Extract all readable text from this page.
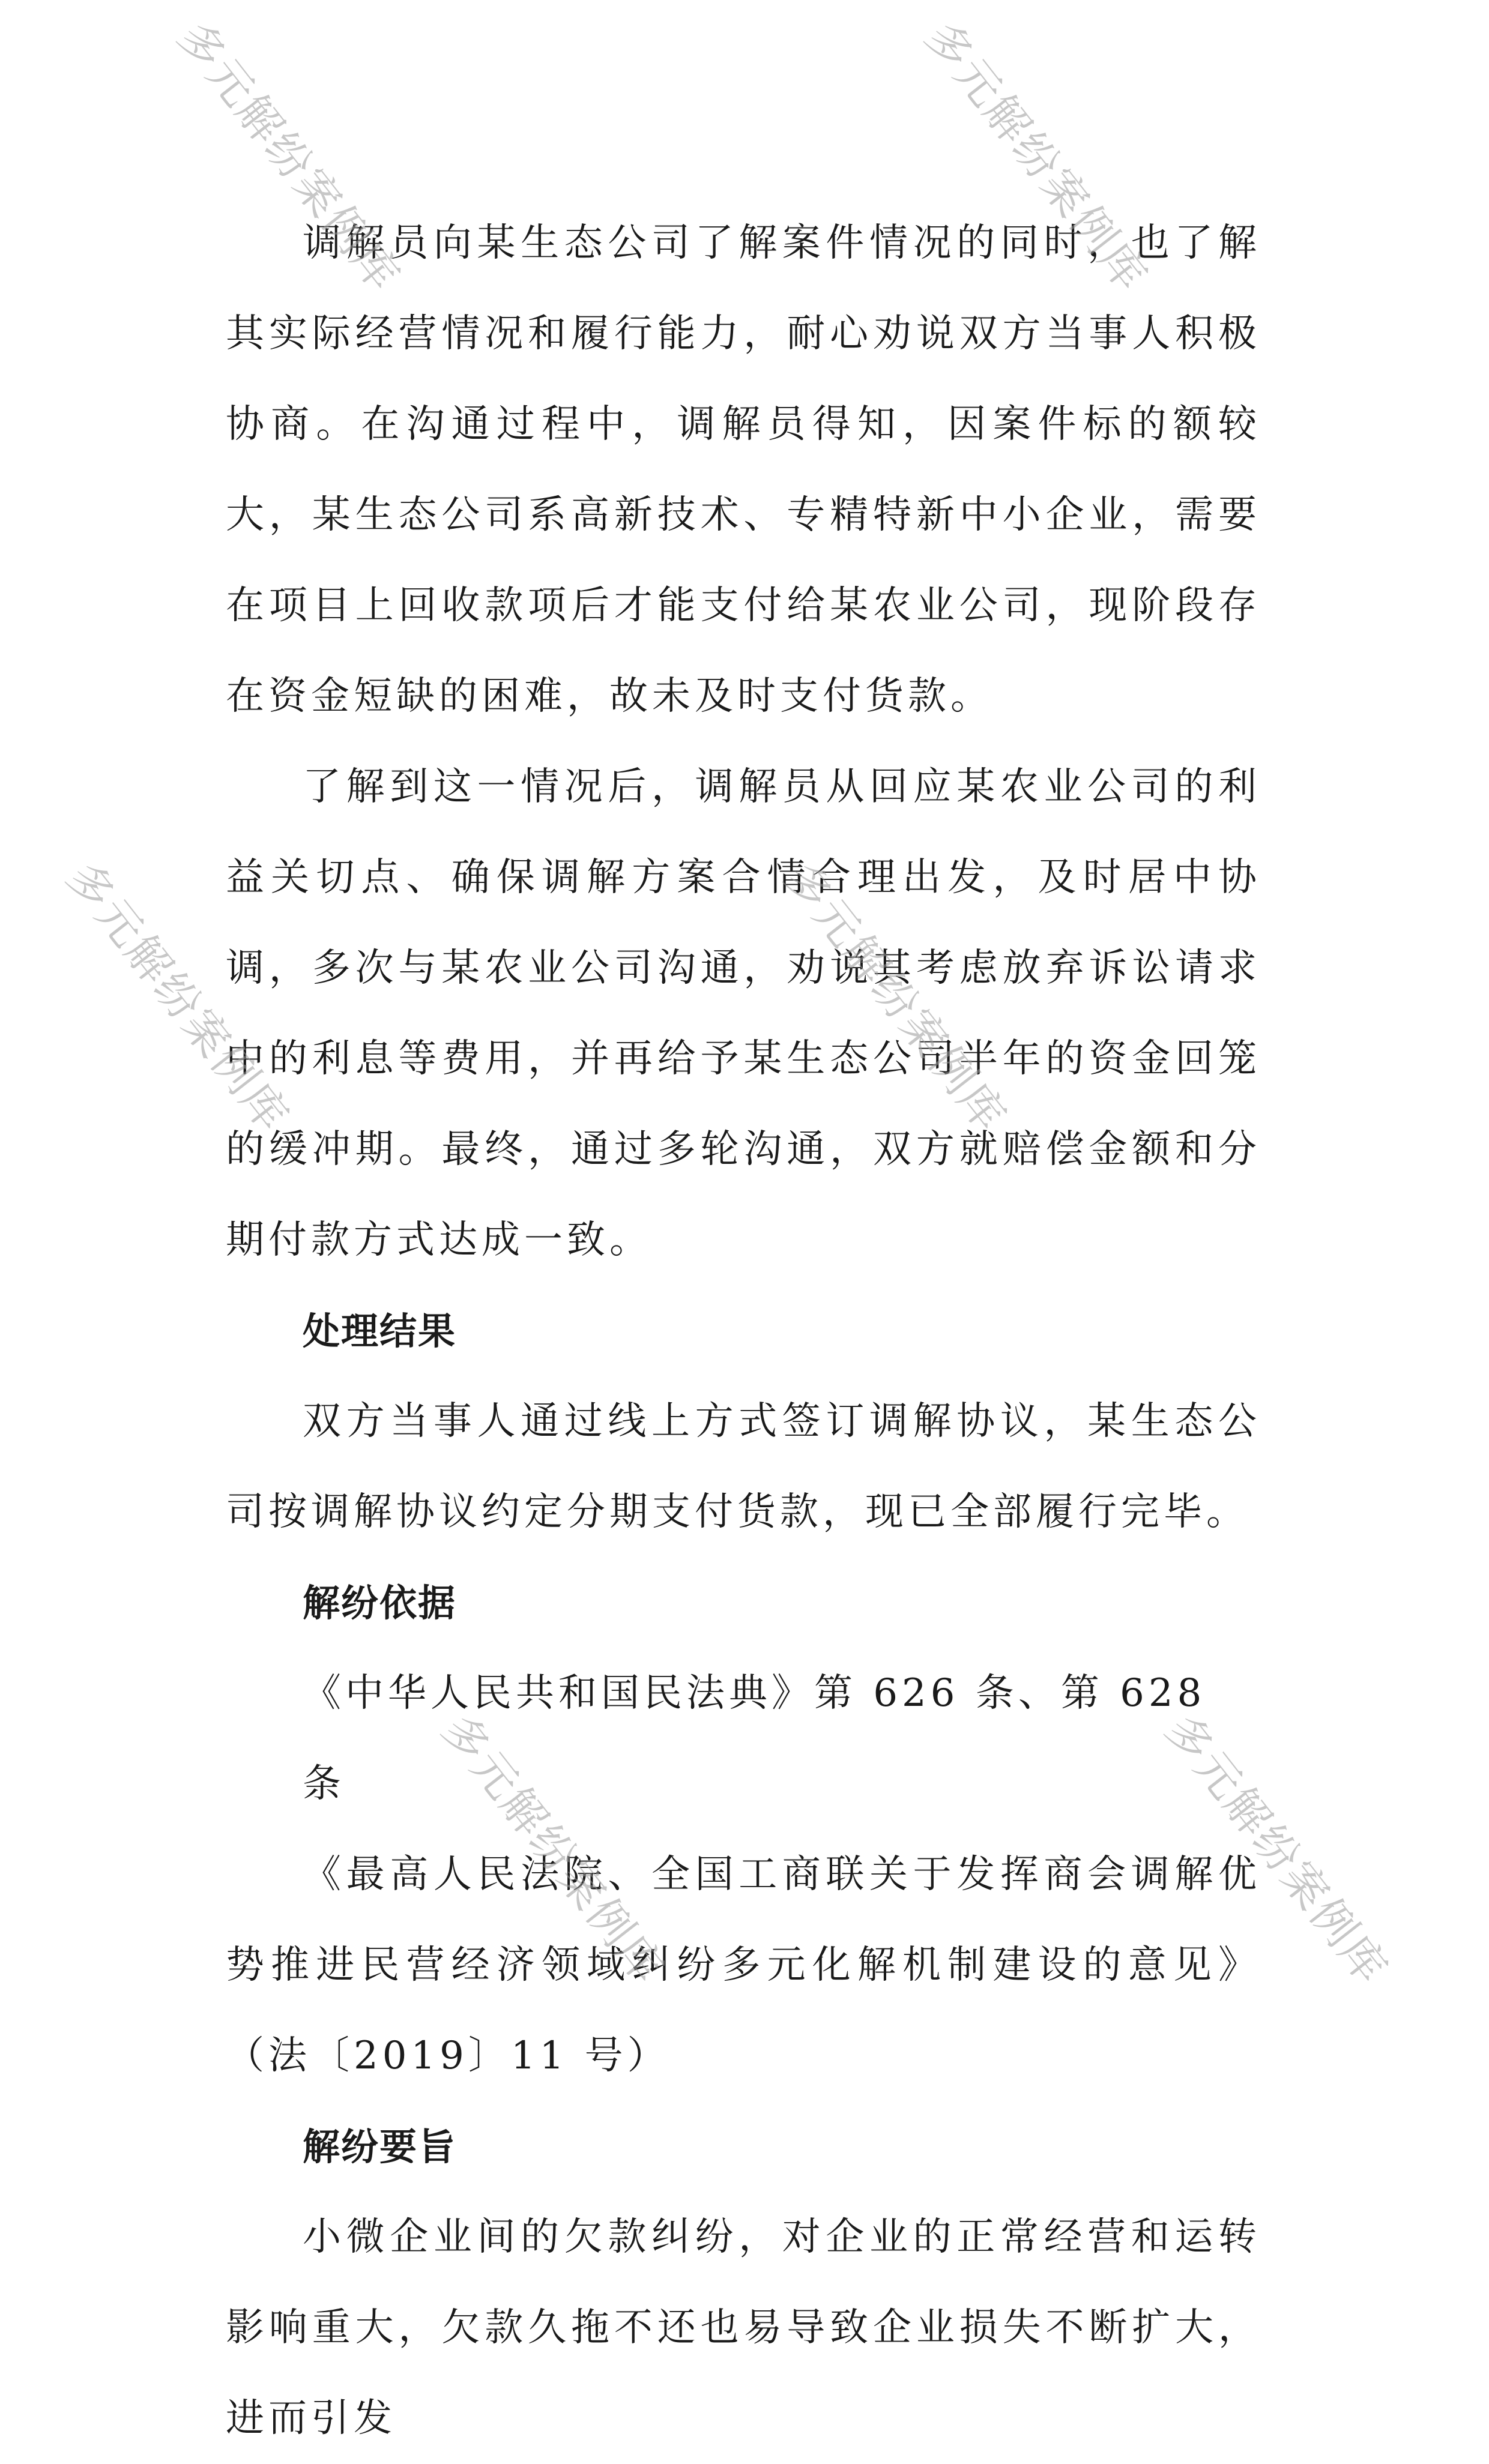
调解员向某生态公司了解案件情况的同时，也了解其实际经营情况和履行能力，耐心劝说双方当事人积极协商。在沟通过程中，调解员得知，因案件标的额较大，某生态公司系高新技术、专精特新中小企业，需要在项目上回收款项后才能支付给某农业公司，现阶段存在资金短缺的困难，故未及时支付货款。

了解到这一情况后，调解员从回应某农业公司的利益关切点、确保调解方案合情合理出发，及时居中协调，多次与某农业公司沟通，劝说其考虑放弃诉讼请求中的利息等费用，并再给予某生态公司半年的资金回笼的缓冲期。最终，通过多轮沟通，双方就赔偿金额和分期付款方式达成一致。

处理结果

双方当事人通过线上方式签订调解协议，某生态公司按调解协议约定分期支付货款，现已全部履行完毕。

解纷依据

《中华人民共和国民法典》第 626 条、第 628 条

《最高人民法院、全国工商联关于发挥商会调解优势推进民营经济领域纠纷多元化解机制建设的意见》（法〔2019〕11 号）

解纷要旨

小微企业间的欠款纠纷，对企业的正常经营和运转影响重大，欠款久拖不还也易导致企业损失不断扩大，进而引发

多元解纷案例库	多元解纷案例库
多元解纷案例库	多元解纷案例库
多元解纷案例库	多元解纷案例库
